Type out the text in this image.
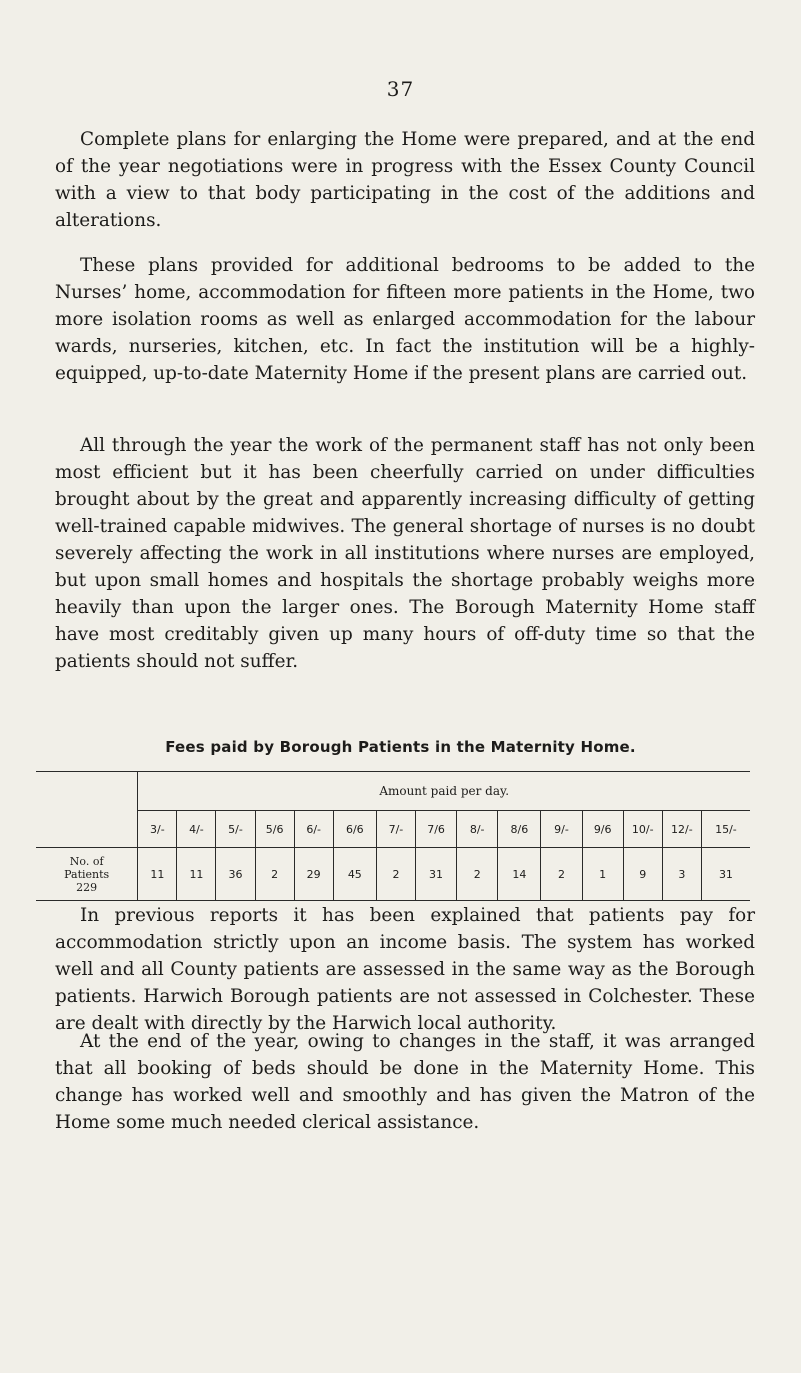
37

Complete plans for enlarging the Home were prepared, and at the end of the year negotiations were in progress with the Essex County Council with a view to that body participating in the cost of the additions and alterations.

These plans provided for additional bedrooms to be added to the Nurses’ home, accommodation for fifteen more patients in the Home, two more isolation rooms as well as enlarged accommodation for the labour wards, nurseries, kitchen, etc. In fact the institution will be a highly-equipped, up-to-date Maternity Home if the present plans are carried out.

All through the year the work of the permanent staff has not only been most efficient but it has been cheerfully carried on under difficulties brought about by the great and apparently increasing difficulty of getting well-trained capable midwives. The general shortage of nurses is no doubt severely affecting the work in all institutions where nurses are employed, but upon small homes and hospitals the shortage probably weighs more heavily than upon the larger ones. The Borough Maternity Home staff have most creditably given up many hours of off-duty time so that the patients should not suffer.

Fees paid by Borough Patients in the Maternity Home.
	Amount paid per day.														
	3/-	4/-	5/-	5/6	6/-	6/6	7/-	7/6	8/-	8/6	9/-	9/6	10/-	12/-	15/-
No. of
Patients
229	11	11	36	2	29	45	2	31	2	14	2	1	9	3	31

In previous reports it has been explained that patients pay for accommodation strictly upon an income basis. The system has worked well and all County patients are assessed in the same way as the Borough patients. Harwich Borough patients are not assessed in Colchester. These are dealt with directly by the Harwich local authority.

At the end of the year, owing to changes in the staff, it was arranged that all booking of beds should be done in the Maternity Home. This change has worked well and smoothly and has given the Matron of the Home some much needed clerical assistance.
